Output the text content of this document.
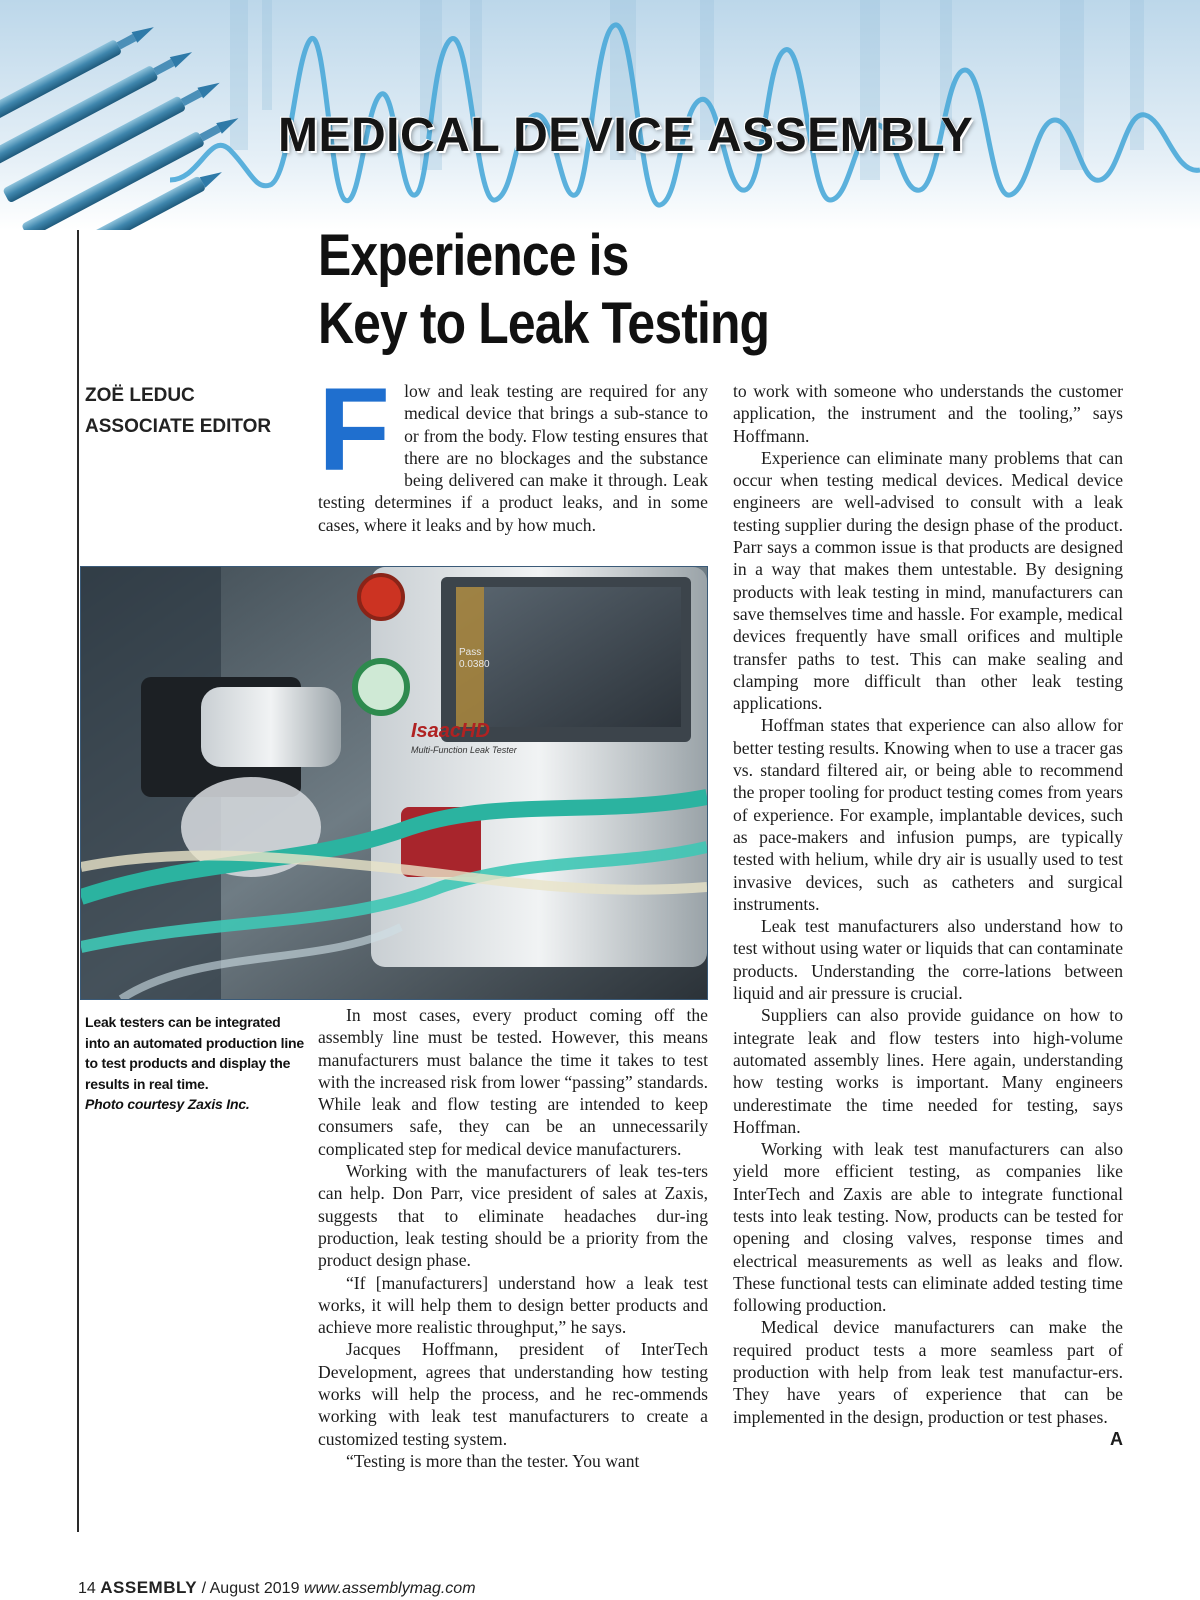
MEDICAL DEVICE ASSEMBLY
Experience is
Key to Leak Testing
ZOË LEDUC
ASSOCIATE EDITOR Flow and leak testing are required for any medical device that brings a sub-stance to or from the body. Flow testing ensures that there are no blockages and the substance being delivered can make it through. Leak testing determines if a product leaks, and in some cases, where it leaks and by how much.

Pass
0.0380
IsaacHD
Multi-Function Leak Tester
Leak testers can be integrated into an automated production line to test products and display the results in real time.
Photo courtesy Zaxis Inc.

In most cases, every product coming off the assembly line must be tested. However, this means manufacturers must balance the time it takes to test with the increased risk from lower “passing” standards. While leak and flow testing are intended to keep consumers safe, they can be an unnecessarily complicated step for medical device manufacturers.

Working with the manufacturers of leak tes-ters can help. Don Parr, vice president of sales at Zaxis, suggests that to eliminate headaches dur-ing production, leak testing should be a priority from the product design phase.

“If [manufacturers] understand how a leak test works, it will help them to design better products and achieve more realistic throughput,” he says.

Jacques Hoffmann, president of InterTech Development, agrees that understanding how testing works will help the process, and he rec-ommends working with leak test manufacturers to create a customized testing system.

“Testing is more than the tester. You want

to work with someone who understands the customer application, the instrument and the tooling,” says Hoffmann.

Experience can eliminate many problems that can occur when testing medical devices. Medical device engineers are well-advised to consult with a leak testing supplier during the design phase of the product. Parr says a common issue is that products are designed in a way that makes them untestable. By designing products with leak testing in mind, manufacturers can save themselves time and hassle. For example, medical devices frequently have small orifices and multiple transfer paths to test. This can make sealing and clamping more difficult than other leak testing applications.

Hoffman states that experience can also allow for better testing results. Knowing when to use a tracer gas vs. standard filtered air, or being able to recommend the proper tooling for product testing comes from years of experience. For example, implantable devices, such as pace-makers and infusion pumps, are typically tested with helium, while dry air is usually used to test invasive devices, such as catheters and surgical instruments.

Leak test manufacturers also understand how to test without using water or liquids that can contaminate products. Understanding the corre-lations between liquid and air pressure is crucial.

Suppliers can also provide guidance on how to integrate leak and flow testers into high-volume automated assembly lines. Here again, understanding how testing works is important. Many engineers underestimate the time needed for testing, says Hoffman.

Working with leak test manufacturers can also yield more efficient testing, as companies like InterTech and Zaxis are able to integrate functional tests into leak testing. Now, products can be tested for opening and closing valves, response times and electrical measurements as well as leaks and flow. These functional tests can eliminate added testing time following production.

Medical device manufacturers can make the required product tests a more seamless part of production with help from leak test manufactur-ers. They have years of experience that can be implemented in the design, production or test phases.
A

14 ASSEMBLY / August 2019 www.assemblymag.com
